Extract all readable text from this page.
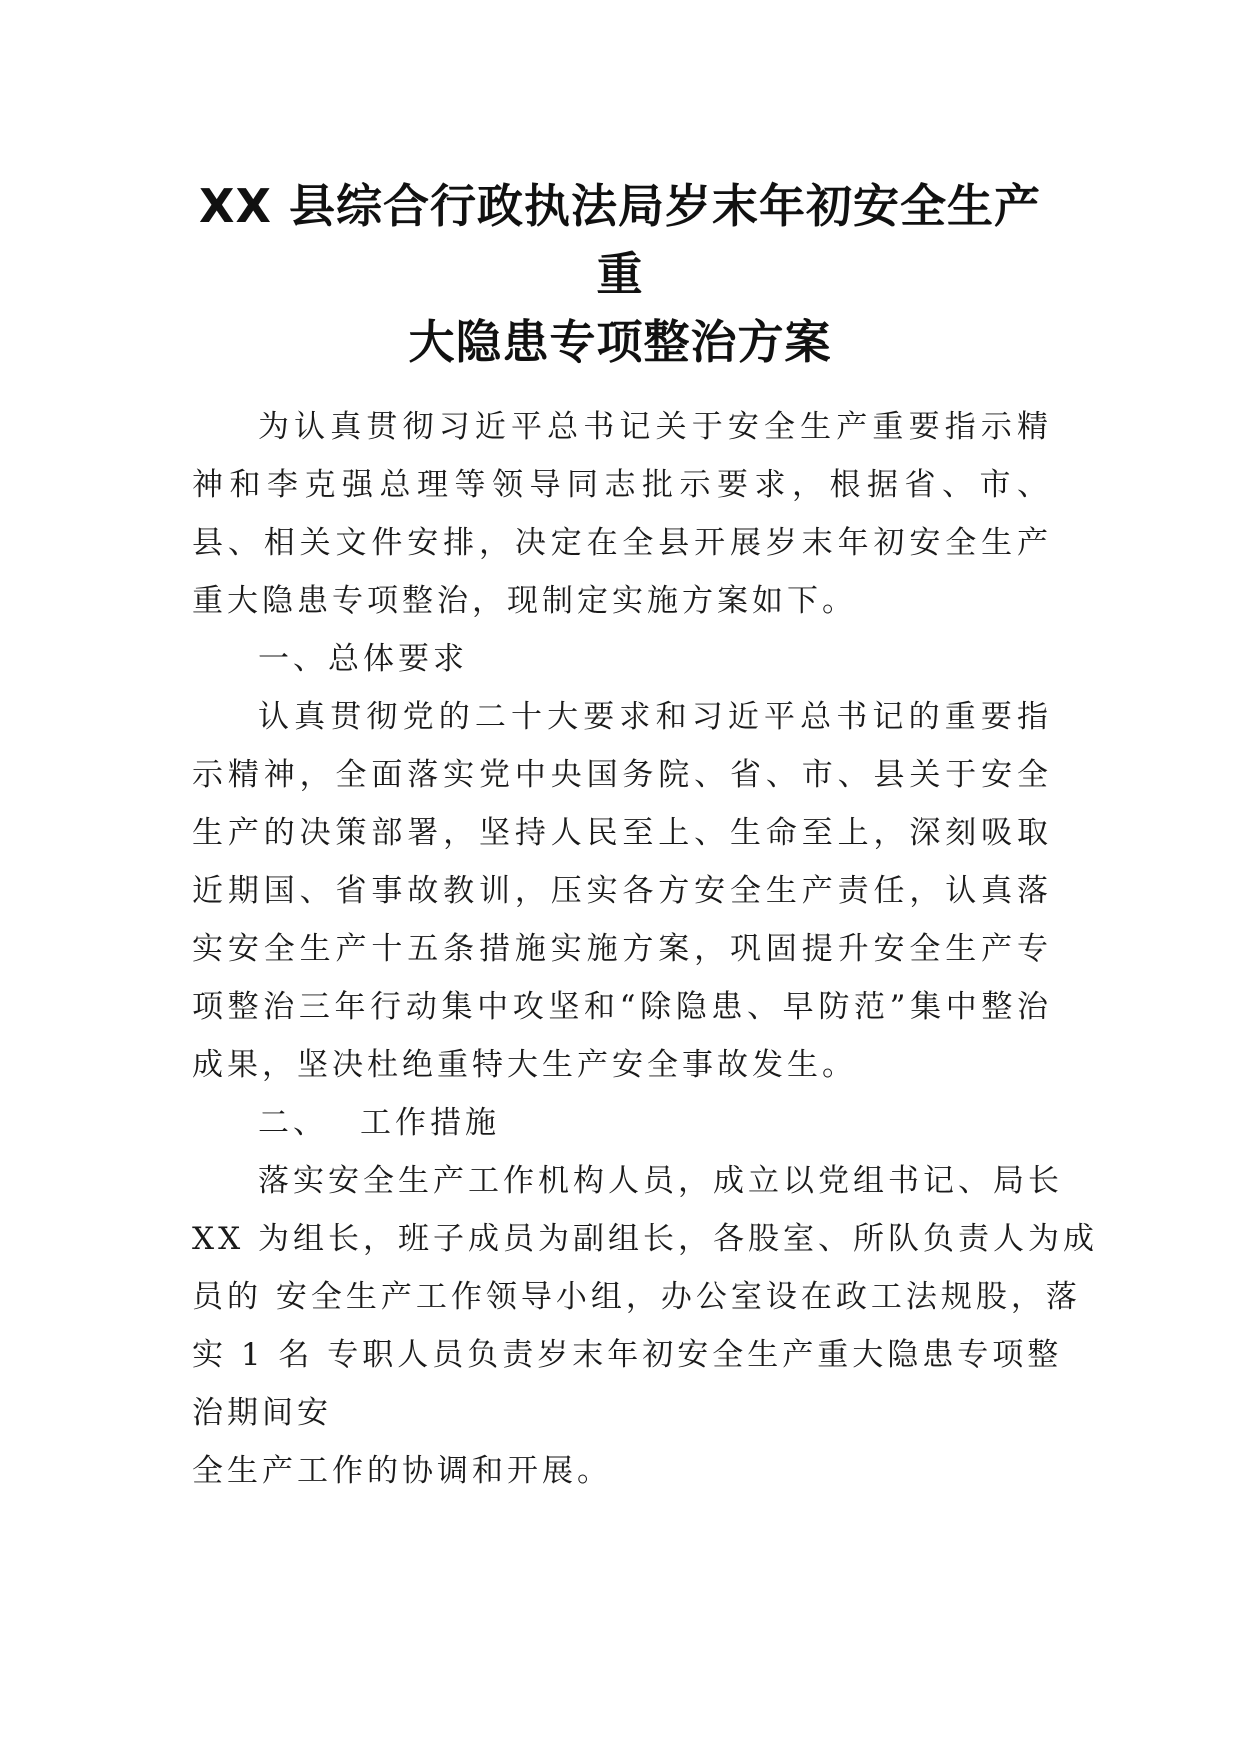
XX 县综合行政执法局岁末年初安全生产重
大隐患专项整治方案

为认真贯彻习近平总书记关于安全生产重要指示精神和李克强总理等领导同志批示要求，根据省、市、县、相关文件安排，决定在全县开展岁末年初安全生产重大隐患专项整治，现制定实施方案如下。

一、总体要求

认真贯彻党的二十大要求和习近平总书记的重要指示精神，全面落实党中央国务院、省、市、县关于安全生产的决策部署，坚持人民至上、生命至上，深刻吸取近期国、省事故教训，压实各方安全生产责任，认真落实安全生产十五条措施实施方案，巩固提升安全生产专项整治三年行动集中攻坚和“除隐患、早防范”集中整治成果，坚决杜绝重特大生产安全事故发生。

二、 工作措施

落实安全生产工作机构人员，成立以党组书记、局长
XX 为组长，班子成员为副组长，各股室、所队负责人为成
员的 安全生产工作领导小组，办公室设在政工法规股，落
实 1 名 专职人员负责岁末年初安全生产重大隐患专项整
治期间安
全生产工作的协调和开展。
